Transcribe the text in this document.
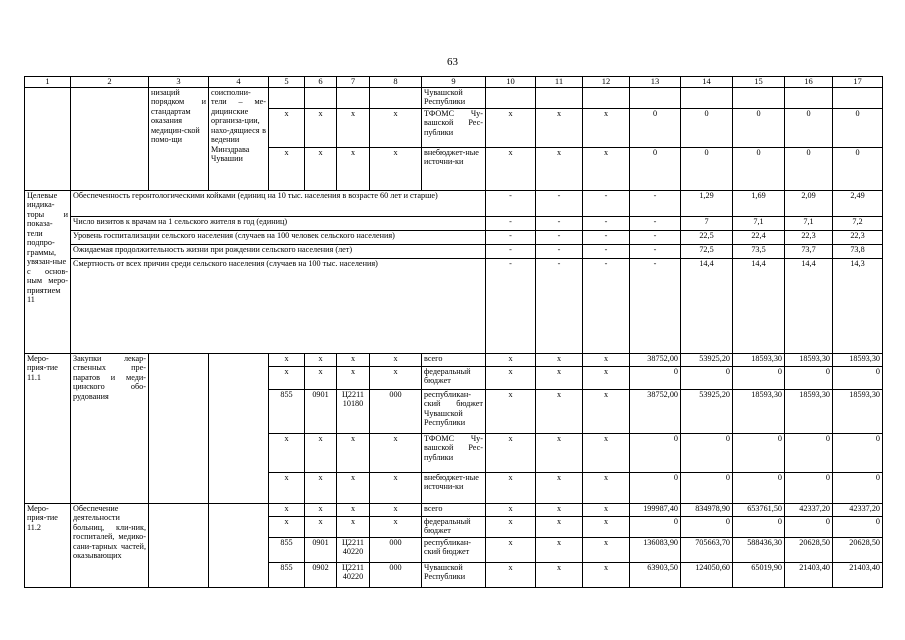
63
1	2	3	4	5	6	7	8	9	10	11	12	13	14	15	16	17
		низаций порядком и стандартам оказания медицин-ской помо-щи	соисполни-тели – ме-дицинские организа-ции, нахо-дящиеся в ведении Минздрава Чувашии					Чувашской Республики								
				x	x	x	x	ТФОМС Чу-вашской Рес-публики	x	x	x	0	0	0	0	0
				x	x	x	x	внебюджет-ные источни-ки	x	x	x	0	0	0	0	0
Целевые индика-торы и показа-тели подпро-граммы, увязан-ные с основ-ным меро-приятием 11	Обеспеченность геронтологическими койками (единиц на 10 тыс. населения в возрасте 60 лет и старше)								-	-	-	-	1,29	1,69	2,09	2,49
	Число визитов к врачам на 1 сельского жителя в год (единиц)								-	-	-	-	7	7,1	7,1	7,2
	Уровень госпитализации сельского населения (случаев на 100 человек сельского населения)								-	-	-	-	22,5	22,4	22,3	22,3
	Ожидаемая продолжительность жизни при рождении сельского населения (лет)								-	-	-	-	72,5	73,5	73,7	73,8
	Смертность от всех причин среди сельского населения (случаев на 100 тыс. населения)								-	-	-	-	14,4	14,4	14,4	14,3
Меро-прия-тие 11.1	Закупки лекар-ственных пре-паратов и меди-цинского обо-рудования			x	x	x	x	всего	x	x	x	38752,00	53925,20	18593,30	18593,30	18593,30
				x	x	x	x	федеральный бюджет	x	x	x	0	0	0	0	0
				855	0901	Ц2211 10180	000	республикан-ский бюджет Чувашской Республики	x	x	x	38752,00	53925,20	18593,30	18593,30	18593,30
				x	x	x	x	ТФОМС Чу-вашской Рес-публики	x	x	x	0	0	0	0	0
				x	x	x	x	внебюджет-ные источни-ки	x	x	x	0	0	0	0	0
Меро-прия-тие 11.2	Обеспечение деятельности больниц, кли-ник, госпиталей, медико-сани-тарных частей, оказывающих			x	x	x	x	всего	x	x	x	199987,40	834978,90	653761,50	42337,20	42337,20
				x	x	x	x	федеральный бюджет	x	x	x	0	0	0	0	0
				855	0901	Ц2211 40220	000	республикан-ский бюджет	x	x	x	136083,90	705663,70	588436,30	20628,50	20628,50
				855	0902	Ц2211 40220	000	Чувашской Республики	x	x	x	63903,50	124050,60	65019,90	21403,40	21403,40
